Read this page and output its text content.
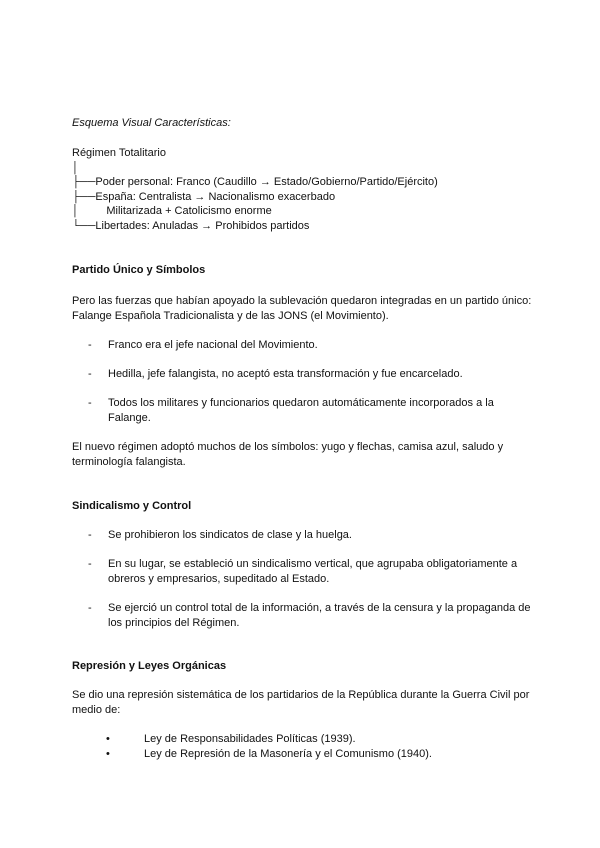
Esquema Visual Características:

Régimen Totalitario

│

├──Poder personal: Franco (Caudillo → Estado/Gobierno/Partido/Ejército)

├──España: Centralista → Nacionalismo exacerbado

│         Militarizada + Catolicismo enorme

└──Libertades: Anuladas → Prohibidos partidos

Partido Único y Símbolos

Pero las fuerzas que habían apoyado la sublevación quedaron integradas en un partido único: Falange Española Tradicionalista y de las JONS (el Movimiento).

- Franco era el jefe nacional del Movimiento.
- Hedilla, jefe falangista, no aceptó esta transformación y fue encarcelado.
- Todos los militares y funcionarios quedaron automáticamente incorporados a la Falange.

El nuevo régimen adoptó muchos de los símbolos: yugo y flechas, camisa azul, saludo y terminología falangista.

Sindicalismo y Control
- Se prohibieron los sindicatos de clase y la huelga.
- En su lugar, se estableció un sindicalismo vertical, que agrupaba obligatoriamente a obreros y empresarios, supeditado al Estado.
- Se ejerció un control total de la información, a través de la censura y la propaganda de los principios del Régimen.
Represión y Leyes Orgánicas

Se dio una represión sistemática de los partidarios de la República durante la Guerra Civil por medio de:

•	Ley de Responsabilidades Políticas (1939).
•	Ley de Represión de la Masonería y el Comunismo (1940).
